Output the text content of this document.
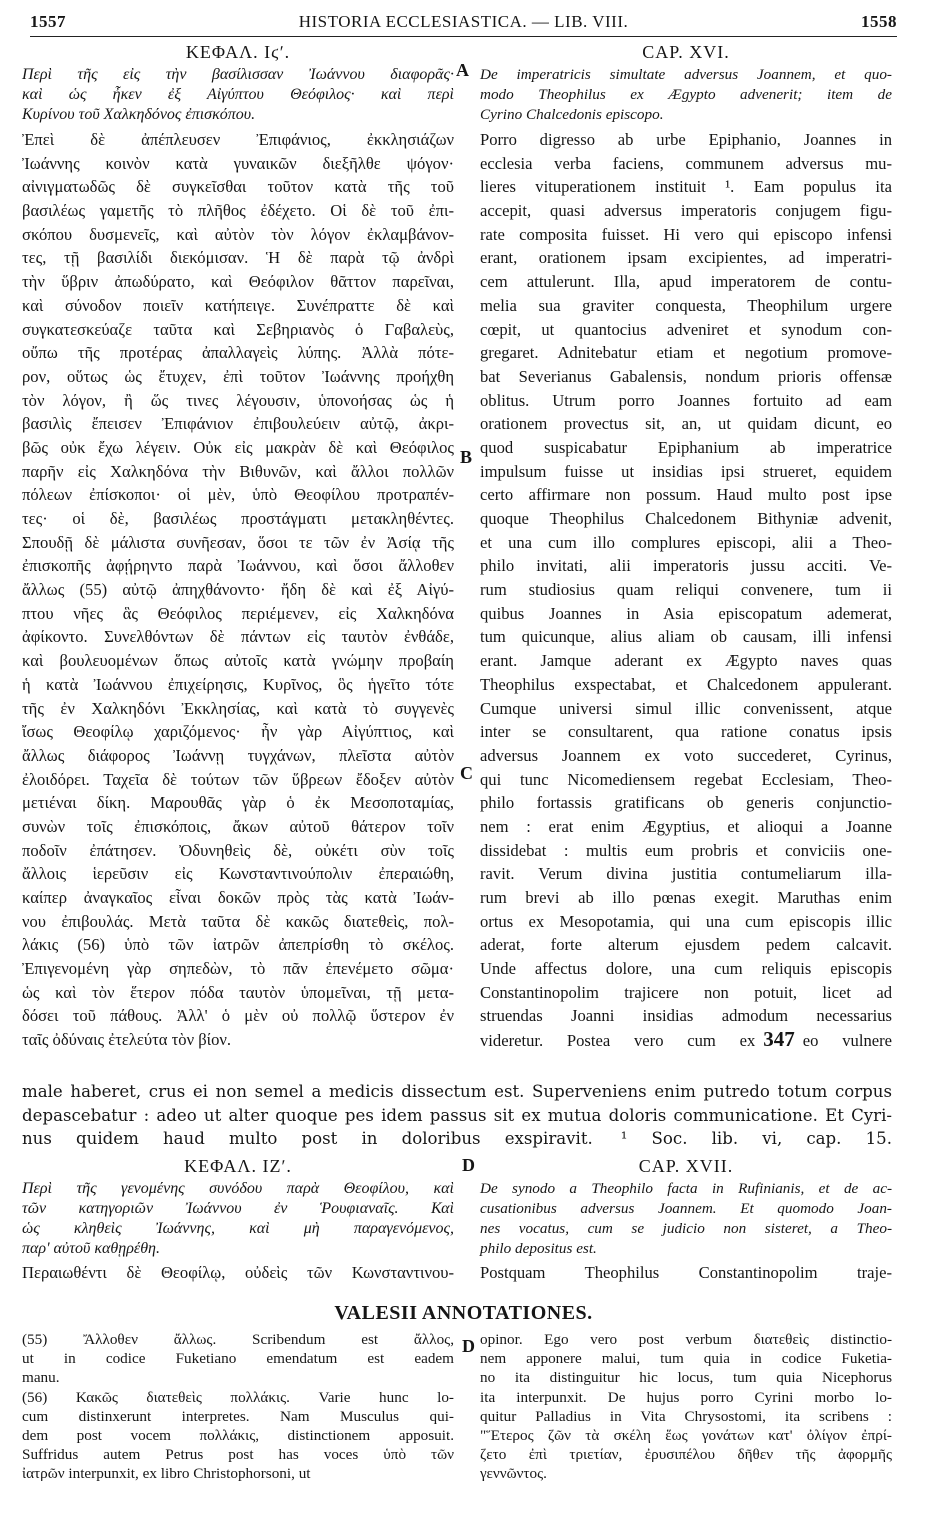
1557	HISTORIA ECCLESIASTICA. — LIB. VIII.	1558
ΚΕΦΑΛ. Ιϛʹ.
Περὶ τῆς εἰς τὴν βασίλισσαν Ἰωάννου διαφορᾶς·
καὶ ὡς ἦκεν ἐξ Αἰγύπτου Θεόφιλος· καὶ περὶ
Κυρίνου τοῦ Χαλκηδόνος ἐπισκόπου.
Ἐπεὶ δὲ ἀπέπλευσεν Ἐπιφάνιος, ἐκκλησιάζων
Ἰωάννης κοινὸν κατὰ γυναικῶν διεξῆλθε ψόγον·
αἰνιγματωδῶς δὲ συγκεῖσθαι τοῦτον κατὰ τῆς τοῦ
βασιλέως γαμετῆς τὸ πλῆθος ἐδέχετο. Οἱ δὲ τοῦ ἐπι-
σκόπου δυσμενεῖς, καὶ αὐτὸν τὸν λόγον ἐκλαμβάνον-
τες, τῇ βασιλίδι διεκόμισαν. Ἡ δὲ παρὰ τῷ ἀνδρὶ
τὴν ὕβριν ἀπωδύρατο, καὶ Θεόφιλον θᾶττον παρεῖναι,
καὶ σύνοδον ποιεῖν κατήπειγε. Συνέπραττε δὲ καὶ
συγκατεσκεύαζε ταῦτα καὶ Σεβηριανὸς ὁ Γαβαλεὺς,
οὔπω τῆς προτέρας ἀπαλλαγεὶς λύπης. Ἀλλὰ πότε-
ρον, οὕτως ὡς ἔτυχεν, ἐπὶ τοῦτον Ἰωάννης προήχθη
τὸν λόγον, ἢ ὥς τινες λέγουσιν, ὑπονοήσας ὡς ἡ
βασιλὶς ἔπεισεν Ἐπιφάνιον ἐπιβουλεύειν αὐτῷ, ἀκρι-
βῶς οὐκ ἔχω λέγειν. Οὐκ εἰς μακρὰν δὲ καὶ Θεόφιλος
παρῆν εἰς Χαλκηδόνα τὴν Βιθυνῶν, καὶ ἄλλοι πολλῶν
πόλεων ἐπίσκοποι· οἱ μὲν, ὑπὸ Θεοφίλου προτραπέν-
τες· οἱ δὲ, βασιλέως προστάγματι μετακληθέντες.
Σπουδῇ δὲ μάλιστα συνῆεσαν, ὅσοι τε τῶν ἐν Ἀσίᾳ τῆς
ἐπισκοπῆς ἀφῄρηντο παρὰ Ἰωάννου, καὶ ὅσοι ἄλλοθεν
ἄλλως (55) αὐτῷ ἀπηχθάνοντο· ἤδη δὲ καὶ ἐξ Αἰγύ-
πτου νῆες ἃς Θεόφιλος περιέμενεν, εἰς Χαλκηδόνα
ἀφίκοντο. Συνελθόντων δὲ πάντων εἰς ταυτὸν ἐνθάδε,
καὶ βουλευομένων ὅπως αὐτοῖς κατὰ γνώμην προβαίη
ἡ κατὰ Ἰωάννου ἐπιχείρησις, Κυρῖνος, ὃς ἡγεῖτο τότε
τῆς ἐν Χαλκηδόνι Ἐκκλησίας, καὶ κατὰ τὸ συγγενὲς
ἴσως Θεοφίλῳ χαριζόμενος· ἦν γὰρ Αἰγύπτιος, καὶ
ἄλλως διάφορος Ἰωάννῃ τυγχάνων, πλεῖστα αὐτὸν
ἐλοιδόρει. Ταχεῖα δὲ τούτων τῶν ὕβρεων ἔδοξεν αὐτὸν
μετιέναι δίκη. Μαρουθᾶς γὰρ ὁ ἐκ Μεσοποταμίας,
συνὼν τοῖς ἐπισκόποις, ἄκων αὐτοῦ θάτερον τοῖν
ποδοῖν ἐπάτησεν. Ὀδυνηθεὶς δὲ, οὐκέτι σὺν τοῖς
ἄλλοις ἱερεῦσιν εἰς Κωνσταντινούπολιν ἐπεραιώθη,
καίπερ ἀναγκαῖος εἶναι δοκῶν πρὸς τὰς κατὰ Ἰωάν-
νου ἐπιβουλάς. Μετὰ ταῦτα δὲ κακῶς διατεθεὶς, πολ-
λάκις (56) ὑπὸ τῶν ἰατρῶν ἀπεπρίσθη τὸ σκέλος.
Ἐπιγενομένη γὰρ σηπεδὼν, τὸ πᾶν ἐπενέμετο σῶμα·
ὡς καὶ τὸν ἕτερον πόδα ταυτὸν ὑπομεῖναι, τῇ μετα-
δόσει τοῦ πάθους. Ἀλλ' ὁ μὲν οὐ πολλῷ ὕστερον ἐν
ταῖς ὀδύναις ἐτελεύτα τὸν βίον.
CAP. XVI.
De imperatricis simultate adversus Joannem, et quo-
modo Theophilus ex Ægypto advenerit; item de
Cyrino Chalcedonis episcopo.
Porro digresso ab urbe Epiphanio, Joannes in
ecclesia verba faciens, communem adversus mu-
lieres vituperationem instituit ¹. Eam populus ita
accepit, quasi adversus imperatoris conjugem figu-
rate composita fuisset. Hi vero qui episcopo infensi
erant, orationem ipsam excipientes, ad imperatri-
cem attulerunt. Illa, apud imperatorem de contu-
melia sua graviter conquesta, Theophilum urgere
cœpit, ut quantocius adveniret et synodum con-
gregaret. Adnitebatur etiam et negotium promove-
bat Severianus Gabalensis, nondum prioris offensæ
oblitus. Utrum porro Joannes fortuito ad eam
orationem provectus sit, an, ut quidam dicunt, eo
quod suspicabatur Epiphanium ab imperatrice
impulsum fuisse ut insidias ipsi strueret, equidem
certo affirmare non possum. Haud multo post ipse
quoque Theophilus Chalcedonem Bithyniæ advenit,
et una cum illo complures episcopi, alii a Theo-
philo invitati, alii imperatoris jussu acciti. Ve-
rum studiosius quam reliqui convenere, tum ii
quibus Joannes in Asia episcopatum ademerat,
tum quicunque, alius aliam ob causam, illi infensi
erant. Jamque aderant ex Ægypto naves quas
Theophilus exspectabat, et Chalcedonem appulerant.
Cumque universi simul illic convenissent, atque
inter se consultarent, qua ratione conatus ipsis
adversus Joannem ex voto succederet, Cyrinus,
qui tunc Nicomediensem regebat Ecclesiam, Theo-
philo fortassis gratificans ob generis conjunctio-
nem : erat enim Ægyptius, et alioqui a Joanne
dissidebat : multis eum probris et conviciis one-
ravit. Verum divina justitia contumeliarum illa-
rum brevi ab illo pœnas exegit. Maruthas enim
ortus ex Mesopotamia, qui una cum episcopis illic
aderat, forte alterum ejusdem pedem calcavit.
Unde affectus dolore, una cum reliquis episcopis
Constantinopolim trajicere non potuit, licet ad
struendas Joanni insidias admodum necessarius
videretur. Postea vero cum ex 347 eo vulnere
A
B
C
D
D
male haberet, crus ei non semel a medicis dissectum est. Superveniens enim putredo totum corpus
depascebatur : adeo ut alter quoque pes idem passus sit ex mutua doloris communicatione. Et Cyri-
nus quidem haud multo post in doloribus exspiravit. ¹ Soc. lib. vi, cap. 15.
ΚΕΦΑΛ. ΙΖʹ.
Περὶ τῆς γενομένης συνόδου παρὰ Θεοφίλου, καὶ
τῶν κατηγοριῶν Ἰωάννου ἐν Ῥουφιαναῖς. Καὶ
ὡς κληθεὶς Ἰωάννης, καὶ μὴ παραγενόμενος,
παρ' αὐτοῦ καθῃρέθη.
Περαιωθέντι δὲ Θεοφίλῳ, οὐδεὶς τῶν Κωνσταντινου-
CAP. XVII.
De synodo a Theophilo facta in Rufinianis, et de ac-
cusationibus adversus Joannem. Et quomodo Joan-
nes vocatus, cum se judicio non sisteret, a Theo-
philo depositus est.
Postquam Theophilus Constantinopolim traje-
VALESII ANNOTATIONES.
(55) Ἄλλοθεν ἄλλως. Scribendum est ἄλλος,
ut in codice Fuketiano emendatum est eadem
manu.
(56) Κακῶς διατεθεὶς πολλάκις. Varie hunc lo-
cum distinxerunt interpretes. Nam Musculus qui-
dem post vocem πολλάκις, distinctionem apposuit.
Suffridus autem Petrus post has voces ὑπὸ τῶν
ἰατρῶν interpunxit, ex libro Christophorsoni, ut
opinor. Ego vero post verbum διατεθεὶς distinctio-
nem apponere malui, tum quia in codice Fuketia-
no ita distinguitur hic locus, tum quia Nicephorus
ita interpunxit. De hujus porro Cyrini morbo lo-
quitur Palladius in Vita Chrysostomi, ita scribens :
"Ἕτερος ζῶν τὰ σκέλη ἕως γονάτων κατ' ὀλίγον ἐπρί-
ζετο ἐπὶ τριετίαν, ἐρυσιπέλου δῆθεν τῆς ἀφορμῆς
γεννῶντος.
